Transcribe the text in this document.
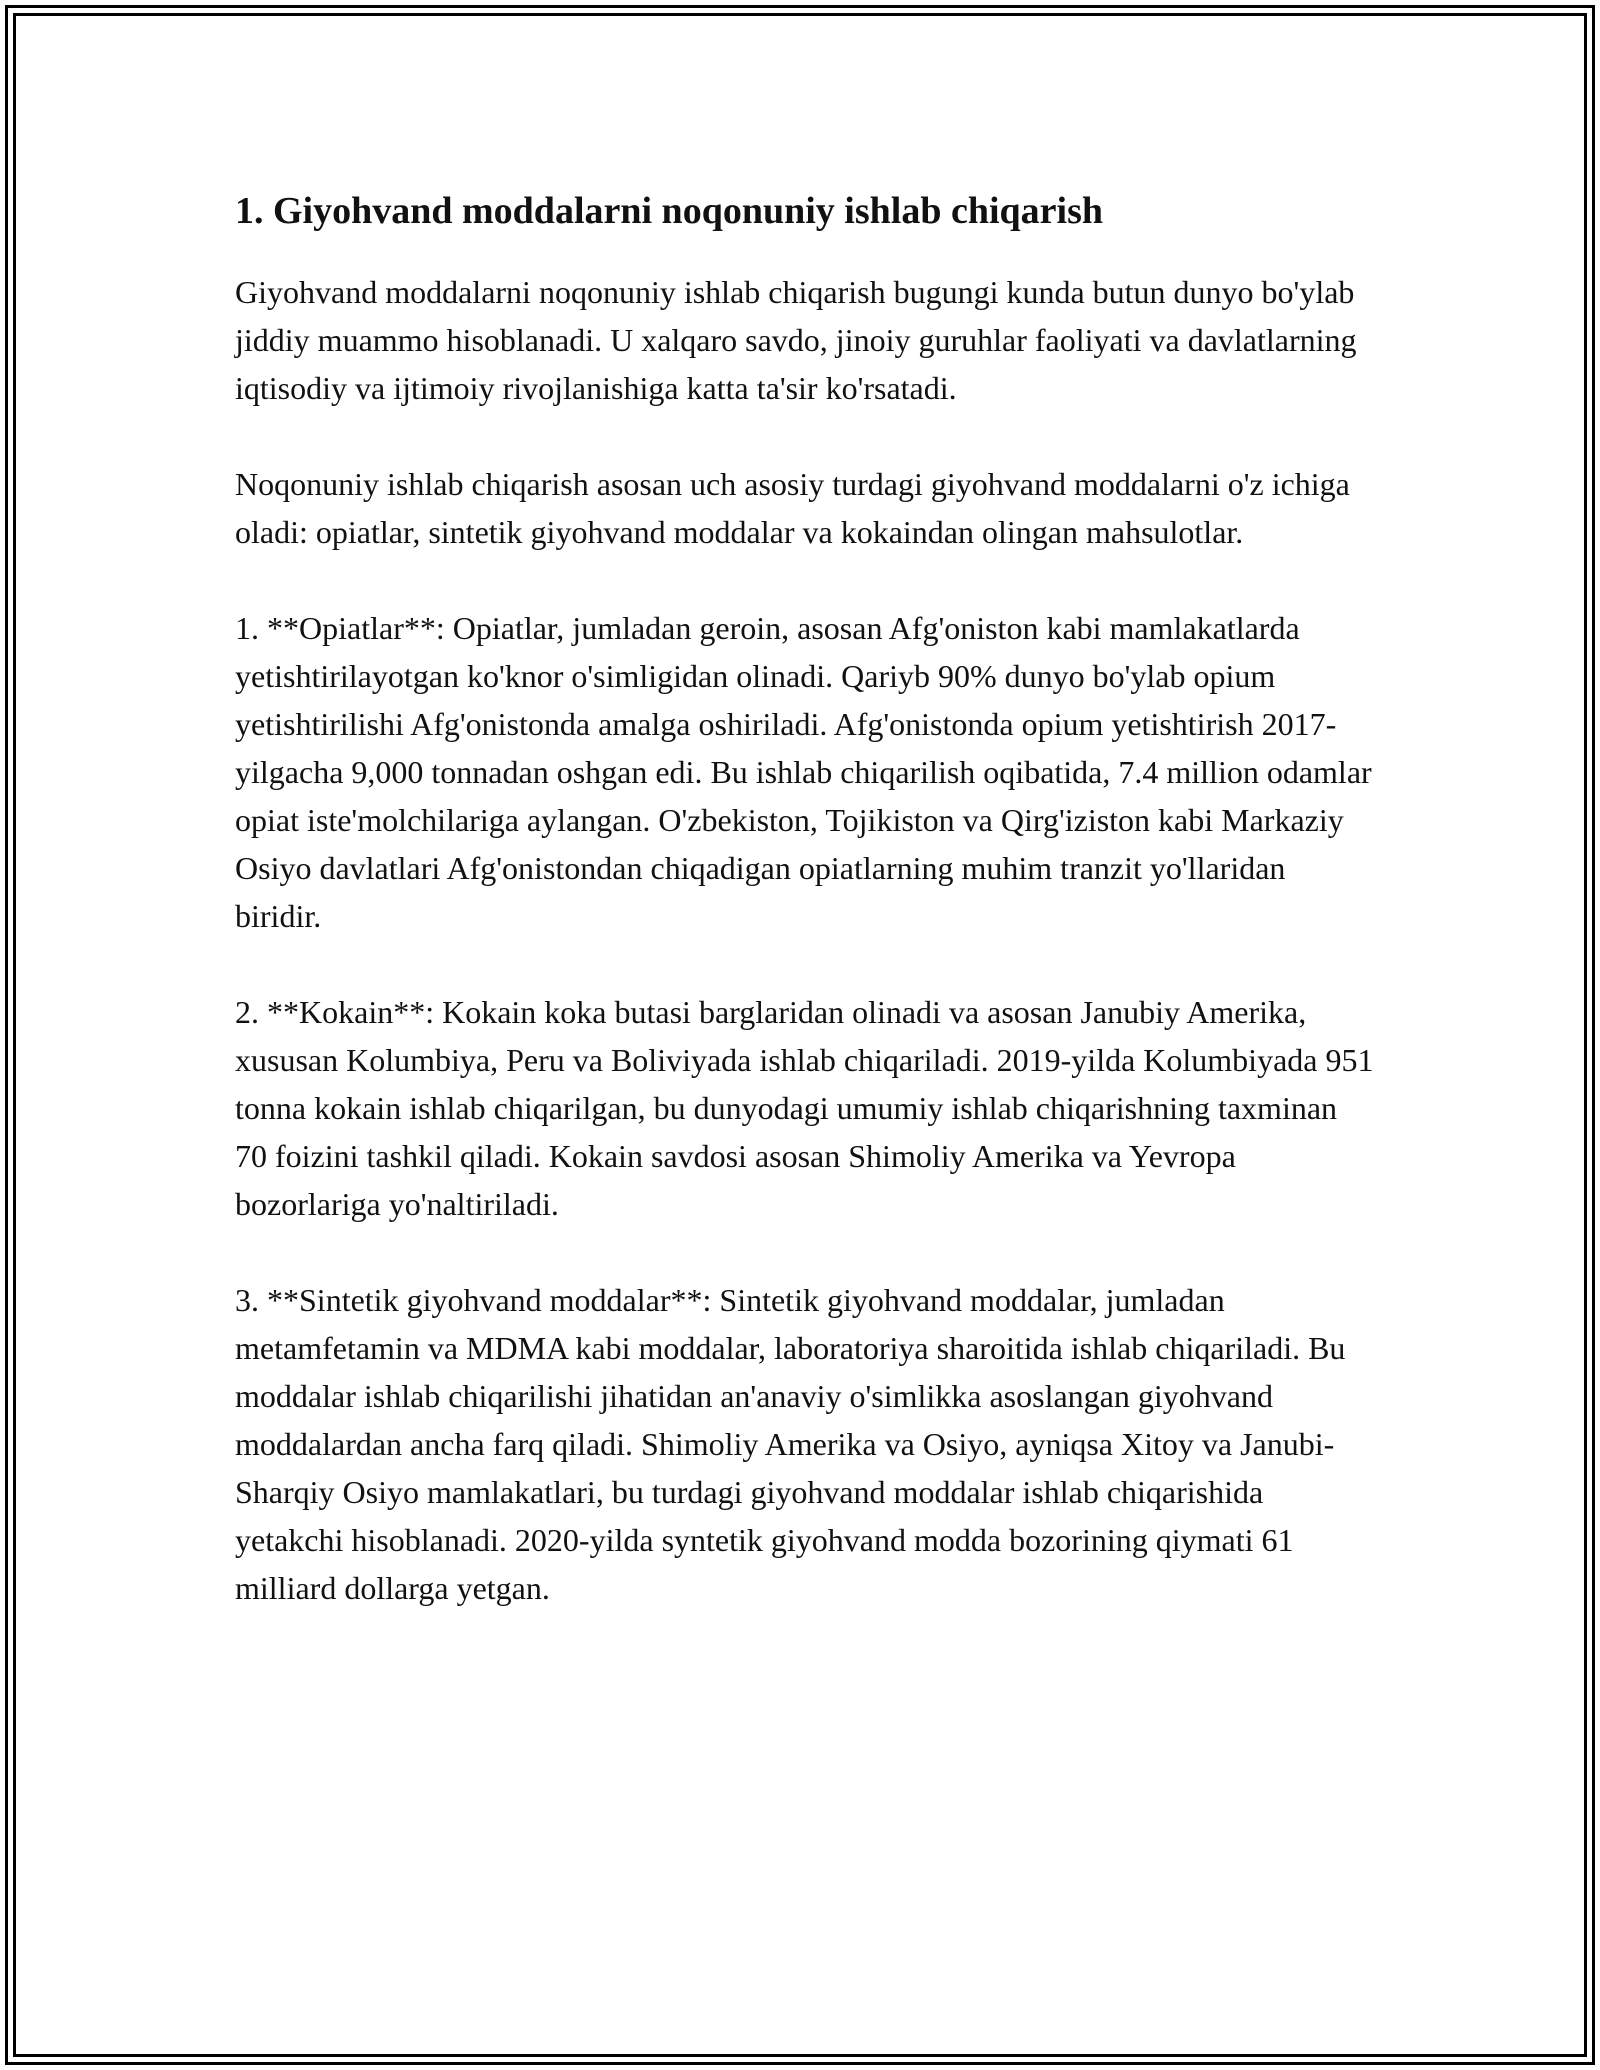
1. Giyohvand moddalarni noqonuniy ishlab chiqarish

Giyohvand moddalarni noqonuniy ishlab chiqarish bugungi kunda butun dunyo bo'ylab jiddiy muammo hisoblanadi. U xalqaro savdo, jinoiy guruhlar faoliyati va davlatlarning iqtisodiy va ijtimoiy rivojlanishiga katta ta'sir ko'rsatadi.

Noqonuniy ishlab chiqarish asosan uch asosiy turdagi giyohvand moddalarni o'z ichiga oladi: opiatlar, sintetik giyohvand moddalar va kokaindan olingan mahsulotlar.

1. **Opiatlar**: Opiatlar, jumladan geroin, asosan Afg'oniston kabi mamlakatlarda yetishtirilayotgan ko'knor o'simligidan olinadi. Qariyb 90% dunyo bo'ylab opium yetishtirilishi Afg'onistonda amalga oshiriladi. Afg'onistonda opium yetishtirish 2017-yilgacha 9,000 tonnadan oshgan edi. Bu ishlab chiqarilish oqibatida, 7.4 million odamlar opiat iste'molchilariga aylangan. O'zbekiston, Tojikiston va Qirg'iziston kabi Markaziy Osiyo davlatlari Afg'onistondan chiqadigan opiatlarning muhim tranzit yo'llaridan biridir.

2. **Kokain**: Kokain koka butasi barglaridan olinadi va asosan Janubiy Amerika, xususan Kolumbiya, Peru va Boliviyada ishlab chiqariladi. 2019-yilda Kolumbiyada 951 tonna kokain ishlab chiqarilgan, bu dunyodagi umumiy ishlab chiqarishning taxminan 70 foizini tashkil qiladi. Kokain savdosi asosan Shimoliy Amerika va Yevropa bozorlariga yo'naltiriladi.

3. **Sintetik giyohvand moddalar**: Sintetik giyohvand moddalar, jumladan metamfetamin va MDMA kabi moddalar, laboratoriya sharoitida ishlab chiqariladi. Bu moddalar ishlab chiqarilishi jihatidan an'anaviy o'simlikka asoslangan giyohvand moddalardan ancha farq qiladi. Shimoliy Amerika va Osiyo, ayniqsa Xitoy va Janubi-Sharqiy Osiyo mamlakatlari, bu turdagi giyohvand moddalar ishlab chiqarishida yetakchi hisoblanadi. 2020-yilda syntetik giyohvand modda bozorining qiymati 61 milliard dollarga yetgan.
